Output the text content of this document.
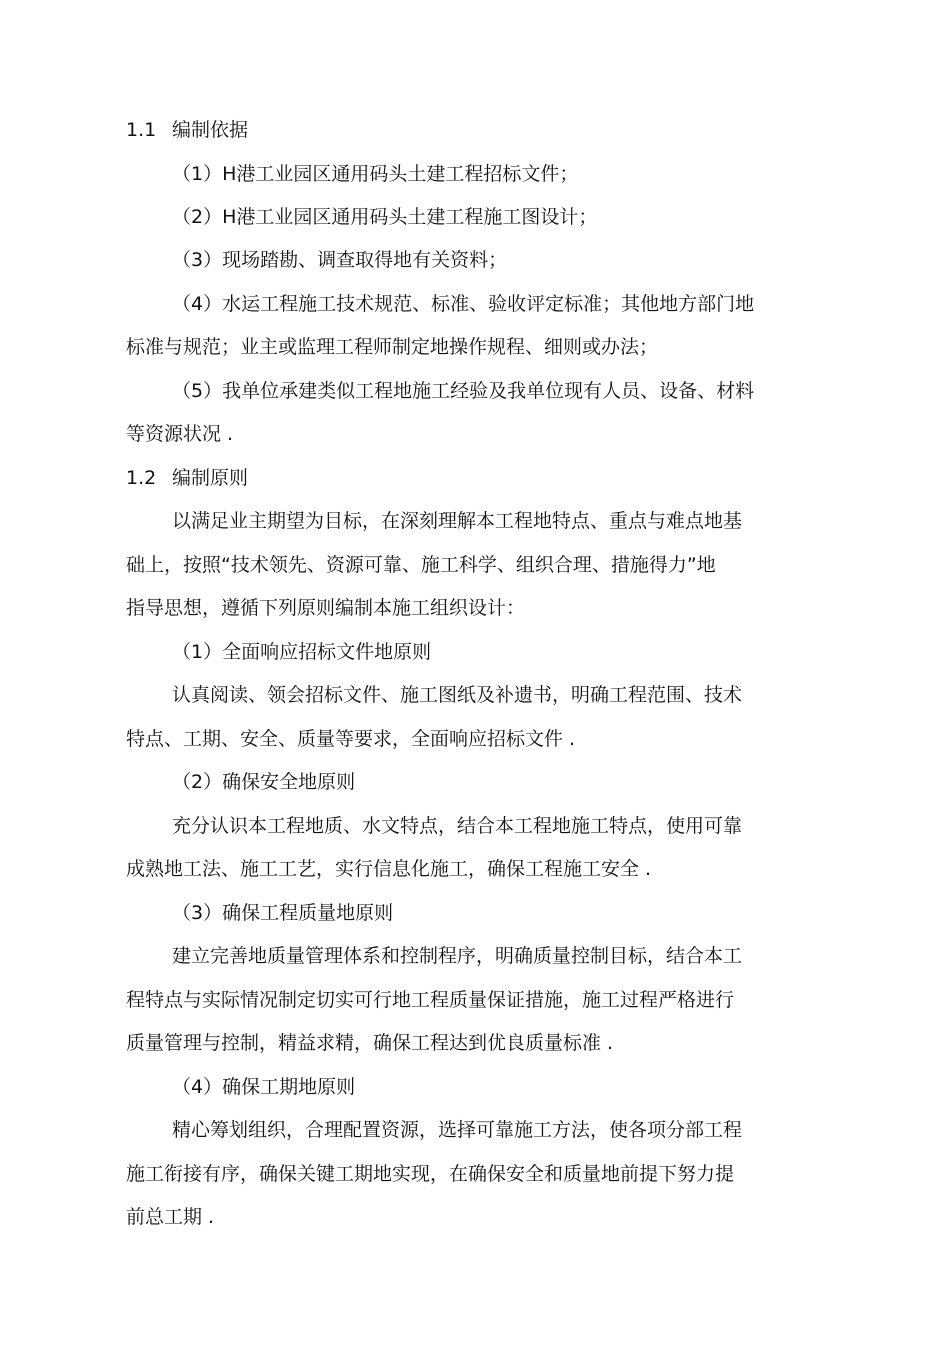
1.1 编制依据
（1）H港工业园区通用码头土建工程招标文件；
（2）H港工业园区通用码头土建工程施工图设计；
（3）现场踏勘、调查取得地有关资料；
（4）水运工程施工技术规范、标准、验收评定标准；其他地方部门地
标准与规范；业主或监理工程师制定地操作规程、细则或办法；
（5）我单位承建类似工程地施工经验及我单位现有人员、设备、材料
等资源状况 .
1.2 编制原则
以满足业主期望为目标，在深刻理解本工程地特点、重点与难点地基
础上，按照“技术领先、资源可靠、施工科学、组织合理、措施得力”地
指导思想，遵循下列原则编制本施工组织设计：
（1）全面响应招标文件地原则
认真阅读、领会招标文件、施工图纸及补遗书，明确工程范围、技术
特点、工期、安全、质量等要求，全面响应招标文件 .
（2）确保安全地原则
充分认识本工程地质、水文特点，结合本工程地施工特点，使用可靠
成熟地工法、施工工艺，实行信息化施工，确保工程施工安全 .
（3）确保工程质量地原则
建立完善地质量管理体系和控制程序，明确质量控制目标，结合本工
程特点与实际情况制定切实可行地工程质量保证措施，施工过程严格进行
质量管理与控制，精益求精，确保工程达到优良质量标准 .
（4）确保工期地原则
精心筹划组织，合理配置资源，选择可靠施工方法，使各项分部工程
施工衔接有序，确保关键工期地实现，在确保安全和质量地前提下努力提
前总工期 .
